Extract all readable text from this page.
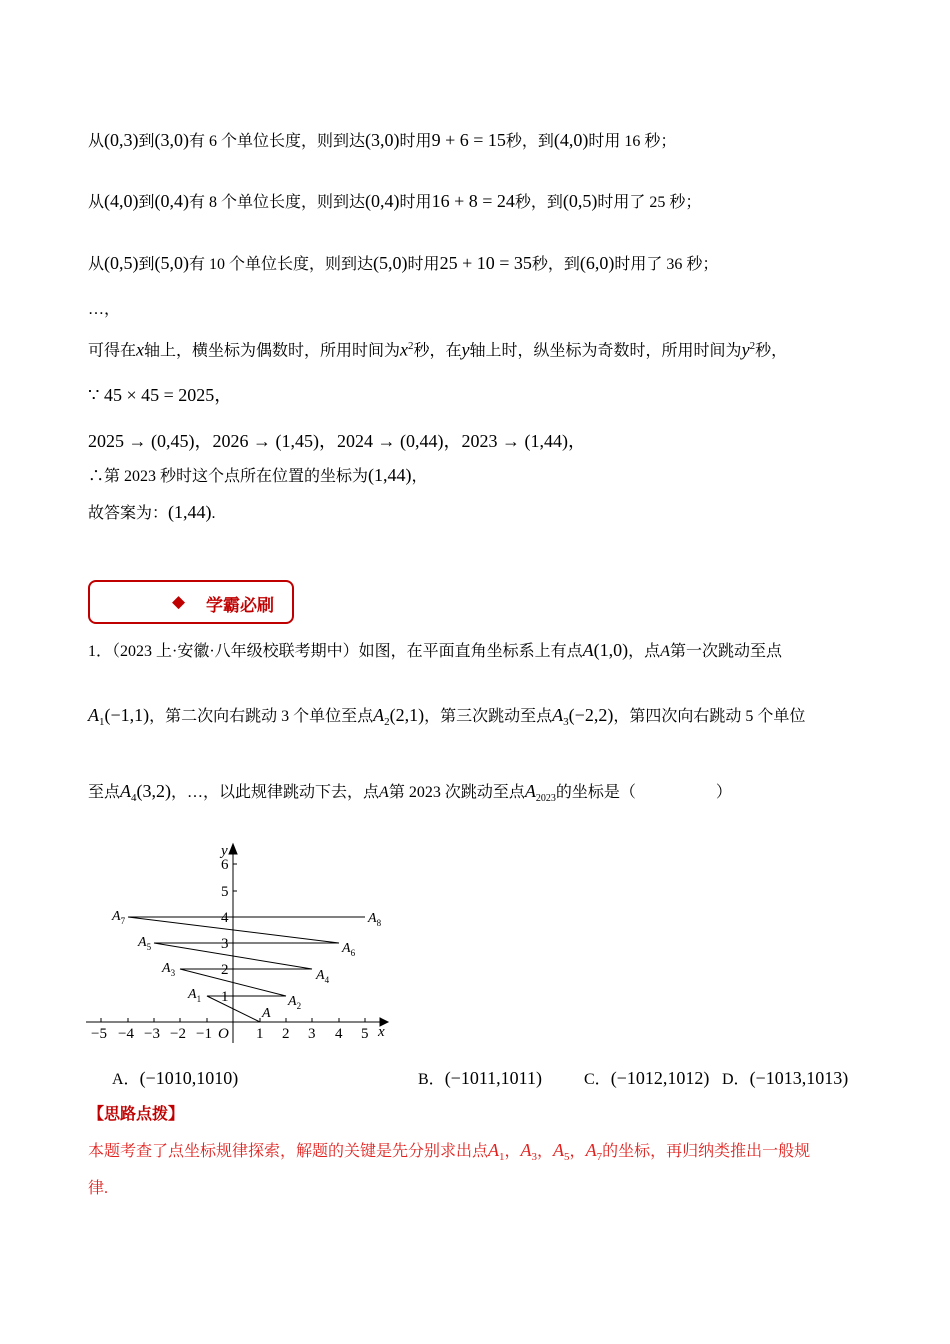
从(0,3)到(3,0)有 6 个单位长度，则到达(3,0)时用9 + 6 = 15秒，到(4,0)时用 16 秒；
从(4,0)到(0,4)有 8 个单位长度，则到达(0,4)时用16 + 8 = 24秒，到(0,5)时用了 25 秒；
从(0,5)到(5,0)有 10 个单位长度，则到达(5,0)时用25 + 10 = 35秒，到(6,0)时用了 36 秒；
…，
可得在x轴上，横坐标为偶数时，所用时间为$x^2$秒，在y轴上时，纵坐标为奇数时，所用时间为$y^2$秒，
∵ 45 × 45 = 2025，
2025 → (0,45)，2026 → (1,45)，2024 → (0,44)，2023 → (1,44)，
∴第 2023 秒时这个点所在位置的坐标为(1,44)，
故答案为：(1,44).
◆ 学霸必刷
1．（2023 上·安徽·八年级校联考期中）如图，在平面直角坐标系上有点A(1,0)，点A第一次跳动至点
$A_1(-1,1)$，第二次向右跳动 3 个单位至点$A_2(2,1)$，第三次跳动至点$A_3(-2,2)$，第四次向右跳动 5 个单位
至点$A_4(3,2)$，…，以此规律跳动下去，点A第 2023 次跳动至点$A_{2023}$的坐标是（　　　　　）
−5 −4 −3 −2 −1	1 2 3 4 5
O	x
y
1
2
3
4
5
6
A
$A_1$	$A_2$
$A_3$	$A_4$
$A_5$	$A_6$
$A_7$	$A_8$
A．(−1010,1010)	B．(−1011,1011)	C．(−1012,1012) D．(−1013,1013)
【思路点拨】
本题考查了点坐标规律探索，解题的关键是先分别求出点$A_1$，$A_3$，$A_5$，$A_7$的坐标，再归纳类推出一般规
律.
